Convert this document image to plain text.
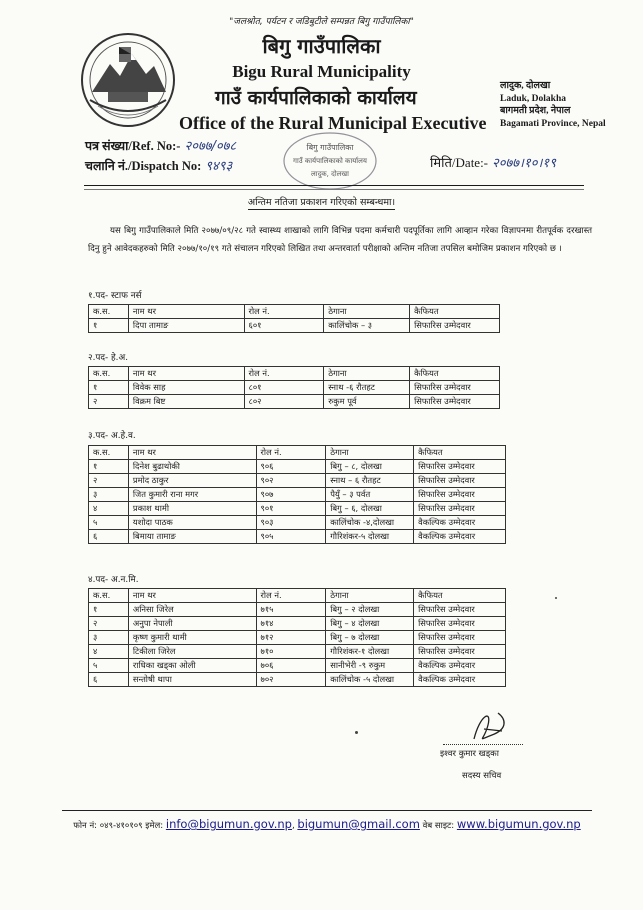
"जलश्रोत, पर्यटन र जडिबुटीले सम्पन्नत बिगु गाउँपालिका"
बिगु गाउँपालिका
Bigu Rural Municipality
गाउँ कार्यपालिकाको कार्यालय
Office of the Rural Municipal Executive
लादुक, दोलखा
Laduk, Dolakha
बागमती प्रदेश, नेपाल
Bagamati Province, Nepal
पत्र संख्या/Ref. No:- २०७७/०७८
चलानि नं./Dispatch No: ९४९३	मिति/Date:- २०७७।१०।१९
बिगु गाउँपालिका
गाउँ कार्यपालिकाको कार्यालय
लादुक, दोलखा
अन्तिम नतिजा प्रकाशन गरिएको सम्बन्धमा।
यस बिगु गाउँपालिकाले मिति २०७७/०९/२८ गते स्वास्थ्य शाखाको लागि विभिन्न पदमा कर्मचारी पदपूर्तिका लागि आव्हान गरेका विज्ञापनमा रीतपूर्वक दरखास्त दिनु हुने आवेदकहरुको मिति २०७७/१०/१९ गते संचालन गरिएको लिखित तथा अन्तरवार्ता परीक्षाको अन्तिम नतिजा तपसिल बमोजिम प्रकाशन गरिएको छ ।
१.पद- स्टाफ नर्स
क.स.	नाम थर	रोल नं.	ठेगाना	कैफियत
१	दिपा तामाङ	६०१	कालिंचोक – ३	सिफारिस उम्मेदवार
२.पद- हे.अ.
क.स.	नाम थर	रोल नं.	ठेगाना	कैफियत
१	विवेक साह	८०१	स्नाथ -६ रौतहट	सिफारिस उम्मेदवार
२	विक्रम बिष्ट	८०२	रुकुम पूर्व	सिफारिस उम्मेदवार
३.पद- अ.हे.व.
क.स.	नाम थर	रोल नं.	ठेगाना	कैफियत
१	दिनेश बुढाथोकी	९०६	बिगु – ८, दोलखा	सिफारिस उम्मेदवार
२	प्रमोद ठाकुर	९०२	स्नाथ – ६ रौतहट	सिफारिस उम्मेदवार
३	जित कुमारी राना मगर	९०७	पैयुँ – ३ पर्वत	सिफारिस उम्मेदवार
४	प्रकाश थामी	९०१	बिगु – ६, दोलखा	सिफारिस उम्मेदवार
५	यशोदा पाठक	९०३	कालिंचोक -४,दोलखा	वैकल्पिक उम्मेदवार
६	बिमाया तामाङ	९०५	गौरिशंकर-५ दोलखा	वैकल्पिक उम्मेदवार
४.पद- अ.न.मि.
क.स.	नाम थर	रोल नं.	ठेगाना	कैफियत
१	अनिसा जिरेल	७१५	बिगु – २ दोलखा	सिफारिस उम्मेदवार
२	अनुपा नेपाली	७१४	बिगु – ४ दोलखा	सिफारिस उम्मेदवार
३	कृष्ण कुमारी थामी	७१२	बिगु – ७ दोलखा	सिफारिस उम्मेदवार
४	टिकीला जिरेल	७१०	गौरिशंकर-१ दोलखा	सिफारिस उम्मेदवार
५	राधिका खड्का ओली	७०६	सानीभेरी -९ रुकुम	वैकल्पिक उम्मेदवार
६	सन्तोषी थापा	७०२	कालिंचोक -५ दोलखा	वैकल्पिक उम्मेदवार
इश्वर कुमार खड्का
सदस्य सचिव
फोन नं: ०४९-४१०१०९ इमेल: info@bigumun.gov.np, bigumun@gmail.com वेब साइट: www.bigumun.gov.np
